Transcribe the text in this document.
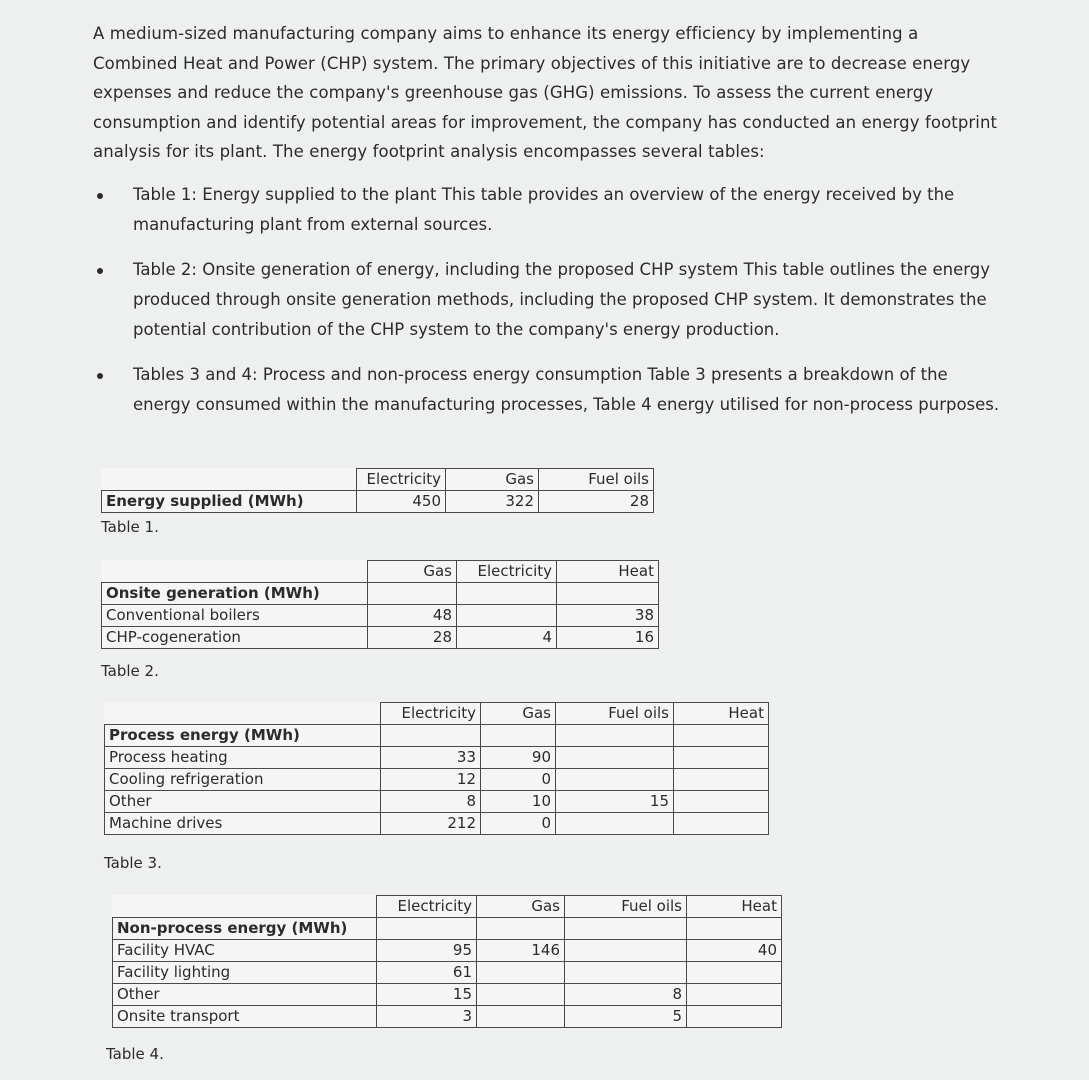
A medium-sized manufacturing company aims to enhance its energy efficiency by implementing a Combined Heat and Power (CHP) system. The primary objectives of this initiative are to decrease energy expenses and reduce the company's greenhouse gas (GHG) emissions. To assess the current energy consumption and identify potential areas for improvement, the company has conducted an energy footprint analysis for its plant. The energy footprint analysis encompasses several tables:
Table 1: Energy supplied to the plant This table provides an overview of the energy received by the manufacturing plant from external sources.
Table 2: Onsite generation of energy, including the proposed CHP system This table outlines the energy produced through onsite generation methods, including the proposed CHP system. It demonstrates the potential contribution of the CHP system to the company's energy production.
Tables 3 and 4: Process and non-process energy consumption Table 3 presents a breakdown of the energy consumed within the manufacturing processes, Table 4 energy utilised for non-process purposes.
	Electricity	Gas	Fuel oils
Energy supplied (MWh)	450	322	28
Table 1.
	Gas	Electricity	Heat
Onsite generation (MWh)			
Conventional boilers	48		38
CHP-cogeneration	28	4	16
Table 2.
	Electricity	Gas	Fuel oils	Heat
Process energy (MWh)				
Process heating	33	90		
Cooling refrigeration	12	0		
Other	8	10	15	
Machine drives	212	0		
Table 3.
	Electricity	Gas	Fuel oils	Heat
Non-process energy (MWh)				
Facility HVAC	95	146		40
Facility lighting	61			
Other	15		8	
Onsite transport	3		5	
Table 4.
